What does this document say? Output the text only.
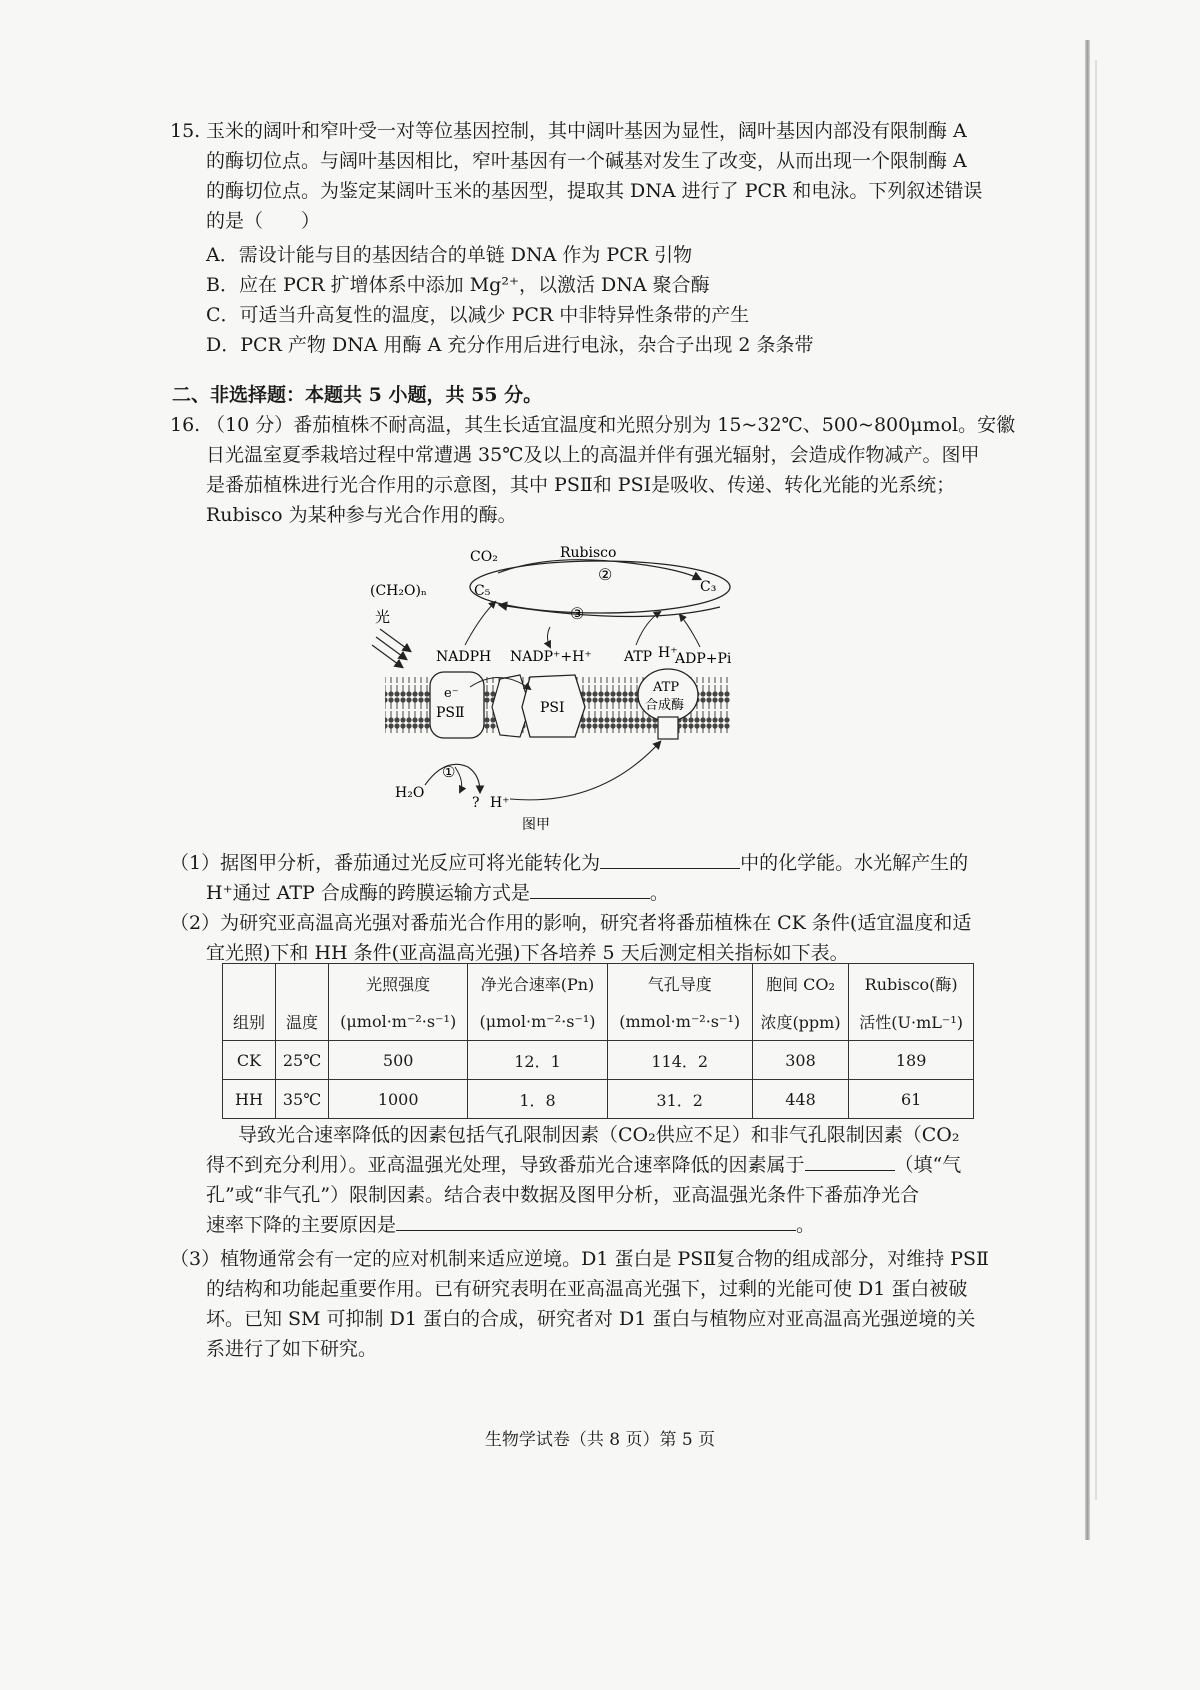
15. 玉米的阔叶和窄叶受一对等位基因控制，其中阔叶基因为显性，阔叶基因内部没有限制酶 A
的酶切位点。与阔叶基因相比，窄叶基因有一个碱基对发生了改变，从而出现一个限制酶 A
的酶切位点。为鉴定某阔叶玉米的基因型，提取其 DNA 进行了 PCR 和电泳。下列叙述错误
的是（　　）
A．需设计能与目的基因结合的单链 DNA 作为 PCR 引物
B．应在 PCR 扩增体系中添加 Mg²⁺，以激活 DNA 聚合酶
C．可适当升高复性的温度，以减少 PCR 中非特异性条带的产生
D．PCR 产物 DNA 用酶 A 充分作用后进行电泳，杂合子出现 2 条条带
二、非选择题：本题共 5 小题，共 55 分。
16. （10 分）番茄植株不耐高温，其生长适宜温度和光照分别为 15~32℃、500~800μmol。安徽
日光温室夏季栽培过程中常遭遇 35℃及以上的高温并伴有强光辐射，会造成作物减产。图甲
是番茄植株进行光合作用的示意图，其中 PSⅡ和 PSⅠ是吸收、传递、转化光能的光系统；
Rubisco 为某种参与光合作用的酶。
CO₂	Rubisco
②
(CH₂O)ₙ	C₅	C₃
③
光
NADPH NADP⁺+H⁺ ATP H⁺
ADP+Pi
e⁻
PSⅡ	PSⅠ
ATP
合成酶
H₂O
①
? H⁺
图甲
（1）据图甲分析，番茄通过光反应可将光能转化为	中的化学能。水光解产生的
H⁺通过 ATP 合成酶的跨膜运输方式是	。
（2）为研究亚高温高光强对番茄光合作用的影响，研究者将番茄植株在 CK 条件(适宜温度和适
宜光照)下和 HH 条件(亚高温高光强)下各培养 5 天后测定相关指标如下表。
		光照强度	净光合速率(Pn)	气孔导度	胞间 CO₂	Rubisco(酶)
组别	温度	(μmol·m⁻²·s⁻¹)	(μmol·m⁻²·s⁻¹)	(mmol·m⁻²·s⁻¹)	浓度(ppm)	活性(U·mL⁻¹)
CK	25℃	500	12．1	114．2	308	189
HH	35℃	1000	1．8	31．2	448	61
导致光合速率降低的因素包括气孔限制因素（CO₂供应不足）和非气孔限制因素（CO₂
得不到充分利用）。亚高温强光处理，导致番茄光合速率降低的因素属于	（填“气
孔”或“非气孔”）限制因素。结合表中数据及图甲分析，亚高温强光条件下番茄净光合
速率下降的主要原因是	。
（3）植物通常会有一定的应对机制来适应逆境。D1 蛋白是 PSⅡ复合物的组成部分，对维持 PSⅡ
的结构和功能起重要作用。已有研究表明在亚高温高光强下，过剩的光能可使 D1 蛋白被破
坏。已知 SM 可抑制 D1 蛋白的合成，研究者对 D1 蛋白与植物应对亚高温高光强逆境的关
系进行了如下研究。
生物学试卷（共 8 页）第 5 页
